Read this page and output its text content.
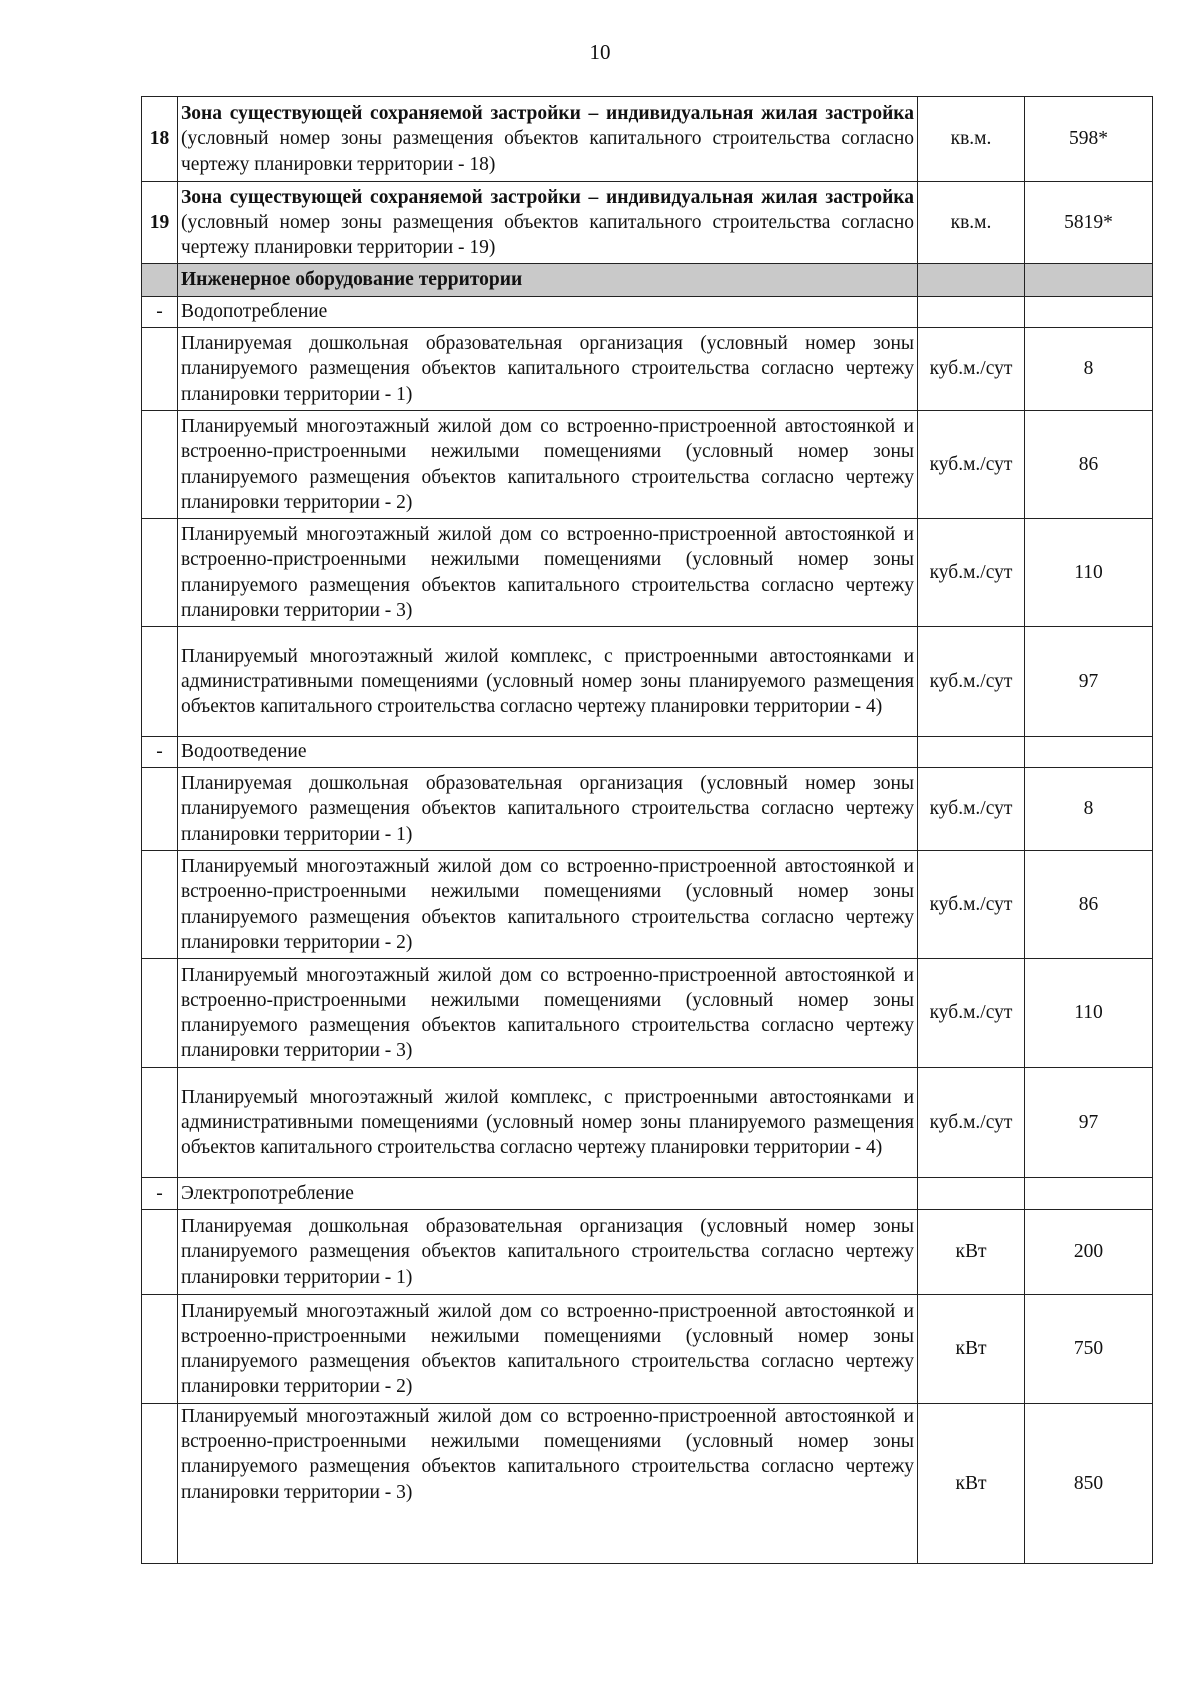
10
18	Зона существующей сохраняемой застройки – индивидуальная жилая застройка (условный номер зоны размещения объектов капитального строительства согласно чертежу планировки территории - 18)	кв.м.	598*
19	Зона существующей сохраняемой застройки – индивидуальная жилая застройка (условный номер зоны размещения объектов капитального строительства согласно чертежу планировки территории - 19)	кв.м.	5819*
	Инженерное оборудование территории		
-	Водопотребление		
	Планируемая дошкольная образовательная организация (условный номер зоны планируемого размещения объектов капитального строительства согласно чертежу планировки территории - 1)	куб.м./сут	8
	Планируемый многоэтажный жилой дом со встроенно-пристроенной автостоянкой и встроенно-пристроенными нежилыми помещениями (условный номер зоны планируемого размещения объектов капитального строительства согласно чертежу планировки территории - 2)	куб.м./сут	86
	Планируемый многоэтажный жилой дом со встроенно-пристроенной автостоянкой и встроенно-пристроенными нежилыми помещениями (условный номер зоны планируемого размещения объектов капитального строительства согласно чертежу планировки территории - 3)	куб.м./сут	110
	Планируемый многоэтажный жилой комплекс, с пристроенными автостоянками и административными помещениями (условный номер зоны планируемого размещения объектов капитального строительства согласно чертежу планировки территории - 4)	куб.м./сут	97
-	Водоотведение		
	Планируемая дошкольная образовательная организация (условный номер зоны планируемого размещения объектов капитального строительства согласно чертежу планировки территории - 1)	куб.м./сут	8
	Планируемый многоэтажный жилой дом со встроенно-пристроенной автостоянкой и встроенно-пристроенными нежилыми помещениями (условный номер зоны планируемого размещения объектов капитального строительства согласно чертежу планировки территории - 2)	куб.м./сут	86
	Планируемый многоэтажный жилой дом со встроенно-пристроенной автостоянкой и встроенно-пристроенными нежилыми помещениями (условный номер зоны планируемого размещения объектов капитального строительства согласно чертежу планировки территории - 3)	куб.м./сут	110
	Планируемый многоэтажный жилой комплекс, с пристроенными автостоянками и административными помещениями (условный номер зоны планируемого размещения объектов капитального строительства согласно чертежу планировки территории - 4)	куб.м./сут	97
-	Электропотребление		
	Планируемая дошкольная образовательная организация (условный номер зоны планируемого размещения объектов капитального строительства согласно чертежу планировки территории - 1)	кВт	200
	Планируемый многоэтажный жилой дом со встроенно-пристроенной автостоянкой и встроенно-пристроенными нежилыми помещениями (условный номер зоны планируемого размещения объектов капитального строительства согласно чертежу планировки территории - 2)	кВт	750
	Планируемый многоэтажный жилой дом со встроенно-пристроенной автостоянкой и встроенно-пристроенными нежилыми помещениями (условный номер зоны планируемого размещения объектов капитального строительства согласно чертежу планировки территории - 3)	кВт	850
